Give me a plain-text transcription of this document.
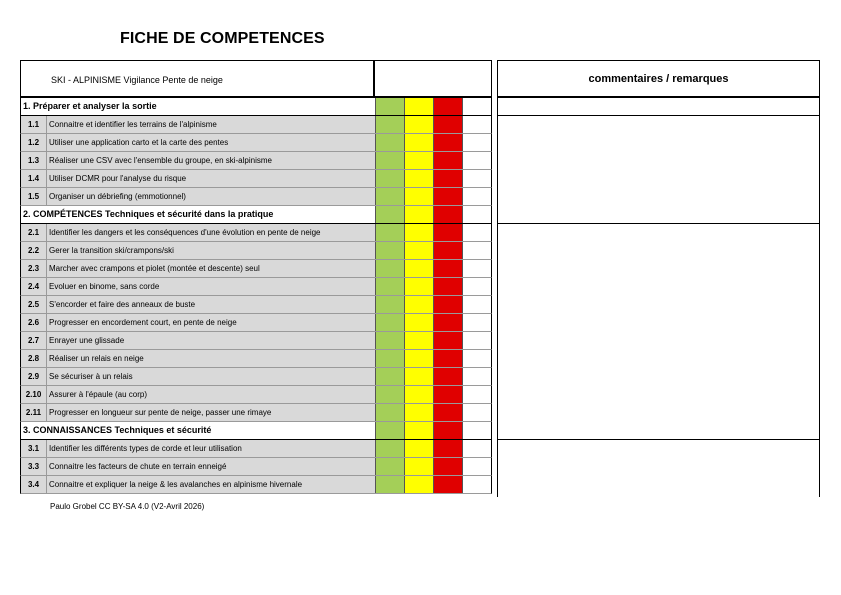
FICHE DE COMPETENCES
SKI - ALPINISME Vigilance Pente de neige
1. Préparer et analyser la sortie
1.1	Connaitre et identifier les terrains de l'alpinisme
1.2	Utiliser une application carto et la carte des pentes
1.3	Réaliser une CSV avec l'ensemble du groupe, en ski-alpinisme
1.4	Utiliser DCMR pour l'analyse du risque
1.5	Organiser un débriefing (emmotionnel)
2. COMPÉTENCES Techniques et sécurité dans la pratique
2.1	Identifier les dangers et les conséquences d'une évolution en pente de neige
2.2	Gerer la transition ski/crampons/ski
2.3	Marcher avec crampons et piolet (montée et descente) seul
2.4	Evoluer en binome, sans corde
2.5	S'encorder et faire des anneaux de buste
2.6	Progresser en encordement court, en pente de neige
2.7	Enrayer une glissade
2.8	Réaliser un relais en neige
2.9	Se sécuriser à un relais
2.10 Assurer à l'épaule (au corp)
2.11 Progresser en longueur sur pente de neige, passer une rimaye
3. CONNAISSANCES Techniques et sécurité
3.1	Identifier les différents types de corde et leur utilisation
3.3	Connaitre les facteurs de chute en terrain enneigé
3.4	Connaitre et expliquer la neige & les avalanches en alpinisme hivernale
commentaires / remarques
Paulo Grobel CC BY-SA 4.0 (V2-Avril 2026)
